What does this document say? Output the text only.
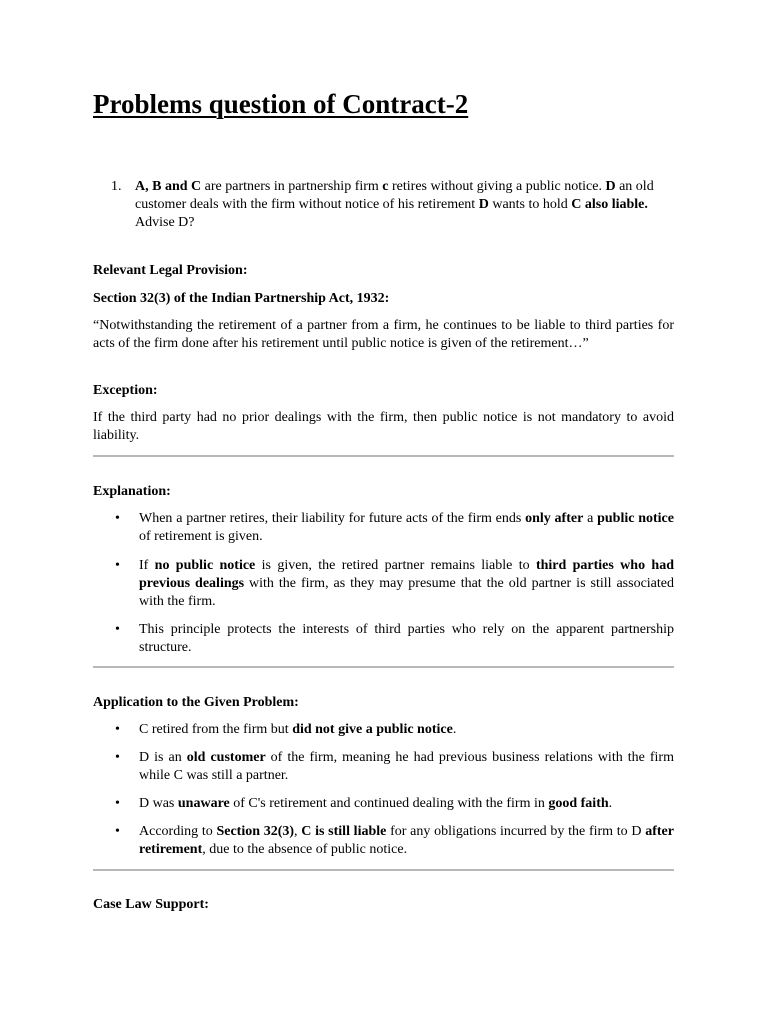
Problems question of Contract-2
1. A, B and C are partners in partnership firm c retires without giving a public notice. D an old customer deals with the firm without notice of his retirement D wants to hold C also liable. Advise D?
Relevant Legal Provision:
Section 32(3) of the Indian Partnership Act, 1932:
“Notwithstanding the retirement of a partner from a firm, he continues to be liable to third parties for acts of the firm done after his retirement until public notice is given of the retirement…”
Exception:
If the third party had no prior dealings with the firm, then public notice is not mandatory to avoid liability.
Explanation:
• When a partner retires, their liability for future acts of the firm ends only after a public notice of retirement is given.
• If no public notice is given, the retired partner remains liable to third parties who had previous dealings with the firm, as they may presume that the old partner is still associated with the firm.
• This principle protects the interests of third parties who rely on the apparent partnership structure.
Application to the Given Problem:
• C retired from the firm but did not give a public notice.
• D is an old customer of the firm, meaning he had previous business relations with the firm while C was still a partner.
• D was unaware of C's retirement and continued dealing with the firm in good faith.
• According to Section 32(3), C is still liable for any obligations incurred by the firm to D after retirement, due to the absence of public notice.
Case Law Support:
